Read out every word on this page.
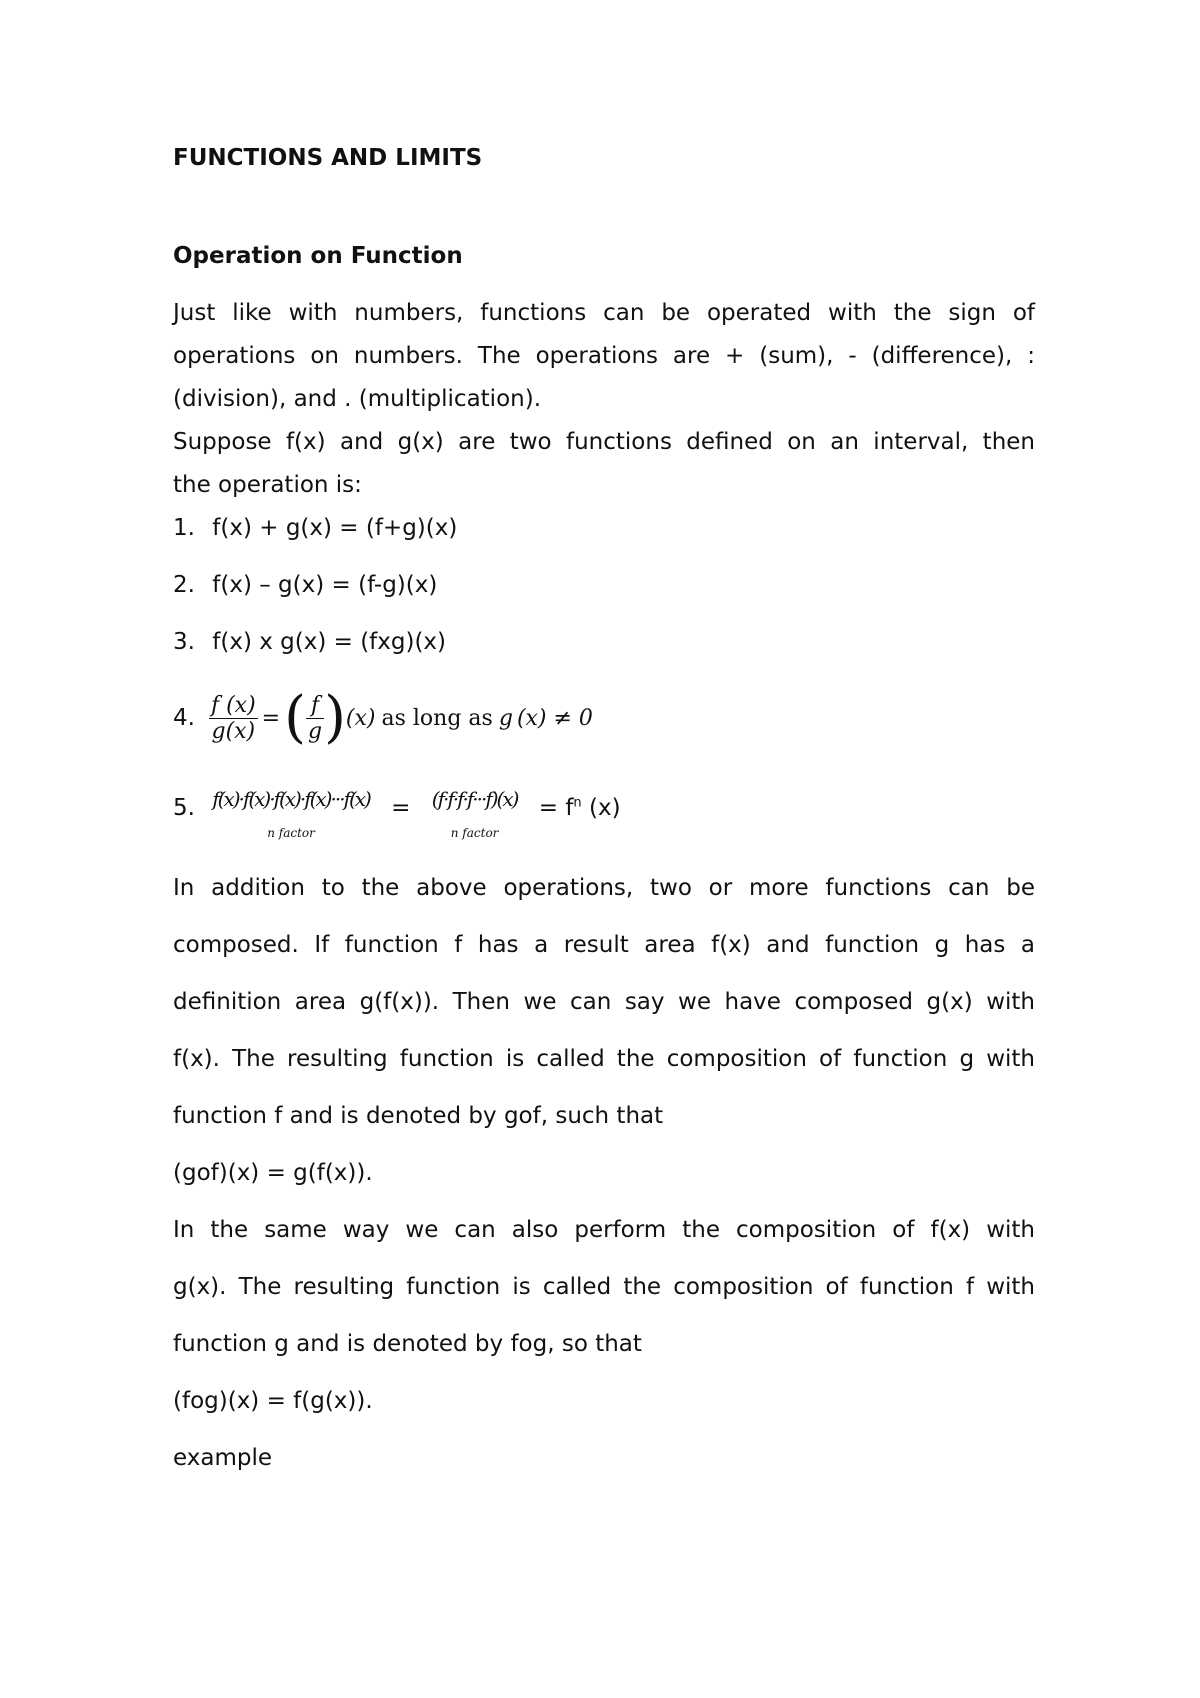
FUNCTIONS AND LIMITS
Operation on Function
Just like with numbers, functions can be operated with the sign of
operations on numbers. The operations are + (sum), - (difference), :
(division), and . (multiplication).
Suppose f(x) and g(x) are two functions defined on an interval, then
the operation is:
1. f(x) + g(x) = (f+g)(x)
2. f(x) – g(x) = (f-g)(x)
3. f(x) x g(x) = (fxg)(x)
4. $\frac{f (x)}{g(x)}$ = ( $\frac{f}{g}$ ) (x) as long as g (x) ≠ 0
5. f(x)·f(x)·f(x)·f(x)···f(x)
n factor
= (f·f·f·f···f)(x)
n factor
= $f^n$ (x)
In addition to the above operations, two or more functions can be
composed. If function f has a result area f(x) and function g has a
definition area g(f(x)). Then we can say we have composed g(x) with
f(x). The resulting function is called the composition of function g with
function f and is denoted by gof, such that
(gof)(x) = g(f(x)).
In the same way we can also perform the composition of f(x) with
g(x). The resulting function is called the composition of function f with
function g and is denoted by fog, so that
(fog)(x) = f(g(x)).
example
